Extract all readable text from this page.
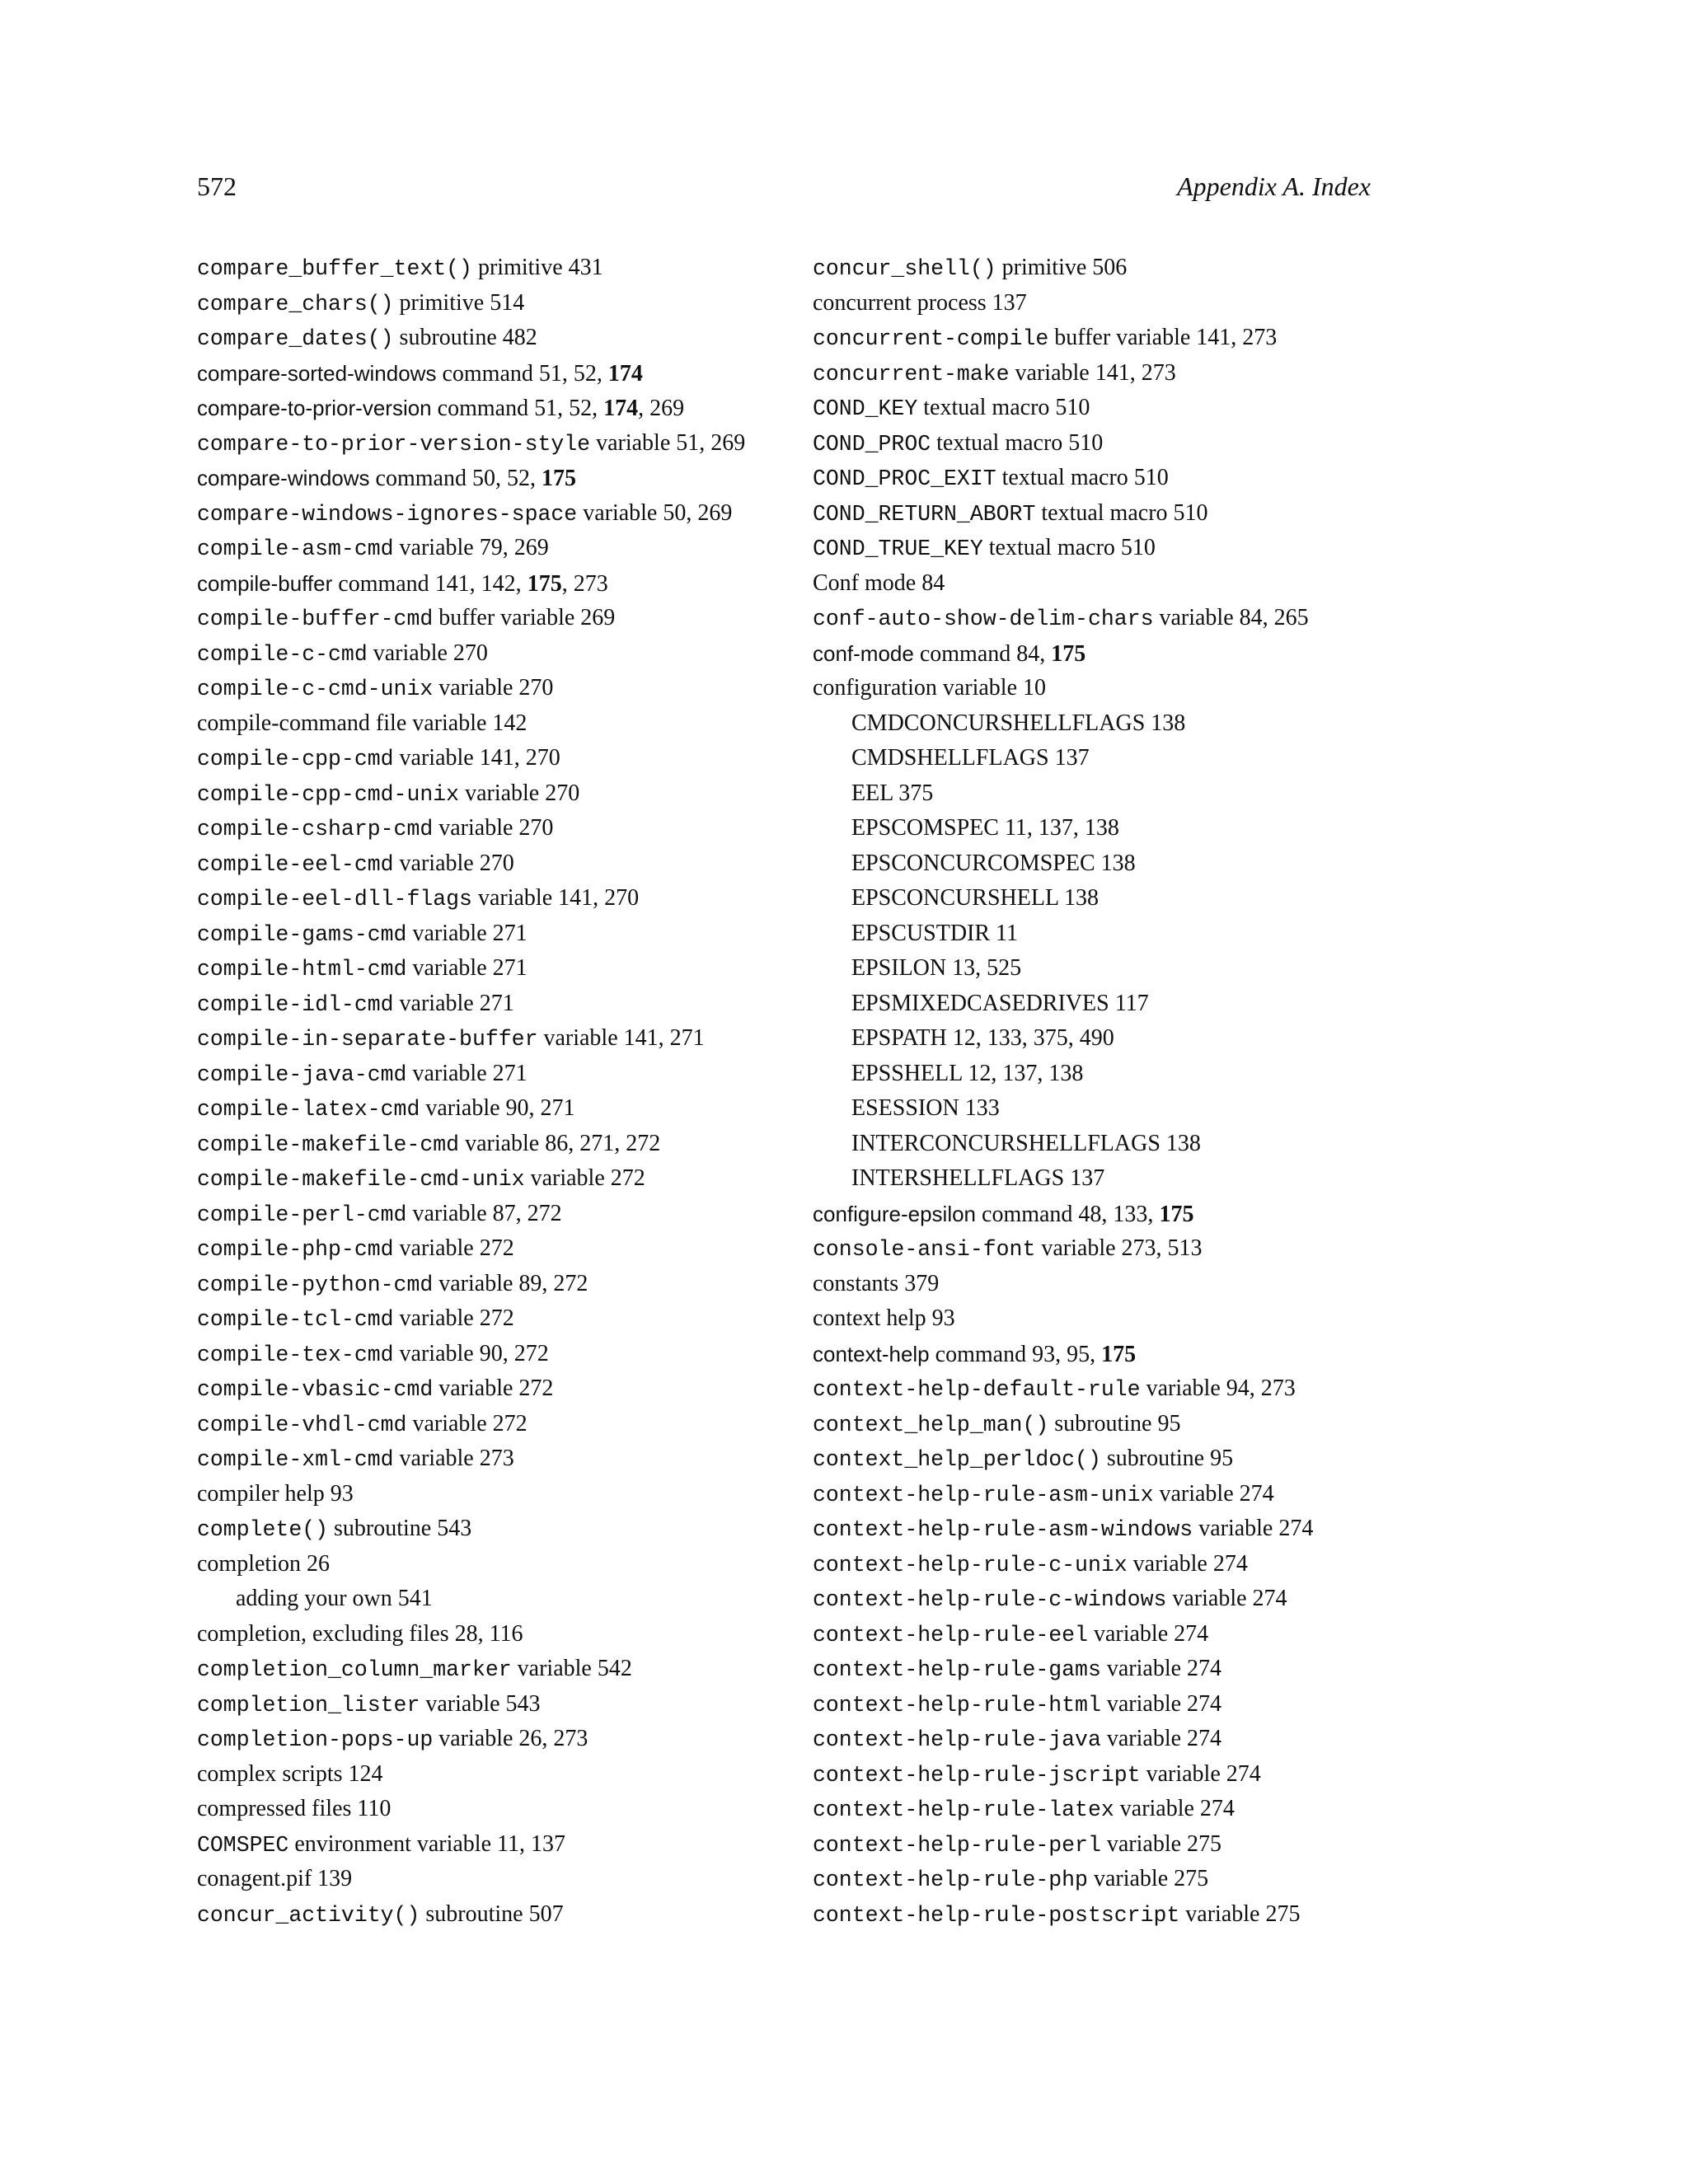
572	Appendix A. Index
compare_buffer_text() primitive 431
compare_chars() primitive 514
compare_dates() subroutine 482
compare-sorted-windows command 51, 52, 174
compare-to-prior-version command 51, 52, 174, 269
compare-to-prior-version-style variable 51, 269
compare-windows command 50, 52, 175
compare-windows-ignores-space variable 50, 269
compile-asm-cmd variable 79, 269
compile-buffer command 141, 142, 175, 273
compile-buffer-cmd buffer variable 269
compile-c-cmd variable 270
compile-c-cmd-unix variable 270
compile-command file variable 142
compile-cpp-cmd variable 141, 270
compile-cpp-cmd-unix variable 270
compile-csharp-cmd variable 270
compile-eel-cmd variable 270
compile-eel-dll-flags variable 141, 270
compile-gams-cmd variable 271
compile-html-cmd variable 271
compile-idl-cmd variable 271
compile-in-separate-buffer variable 141, 271
compile-java-cmd variable 271
compile-latex-cmd variable 90, 271
compile-makefile-cmd variable 86, 271, 272
compile-makefile-cmd-unix variable 272
compile-perl-cmd variable 87, 272
compile-php-cmd variable 272
compile-python-cmd variable 89, 272
compile-tcl-cmd variable 272
compile-tex-cmd variable 90, 272
compile-vbasic-cmd variable 272
compile-vhdl-cmd variable 272
compile-xml-cmd variable 273
compiler help 93
complete() subroutine 543
completion 26
adding your own 541
completion, excluding files 28, 116
completion_column_marker variable 542
completion_lister variable 543
completion-pops-up variable 26, 273
complex scripts 124
compressed files 110
COMSPEC environment variable 11, 137
conagent.pif 139
concur_activity() subroutine 507
concur_shell() primitive 506
concurrent process 137
concurrent-compile buffer variable 141, 273
concurrent-make variable 141, 273
COND_KEY textual macro 510
COND_PROC textual macro 510
COND_PROC_EXIT textual macro 510
COND_RETURN_ABORT textual macro 510
COND_TRUE_KEY textual macro 510
Conf mode 84
conf-auto-show-delim-chars variable 84, 265
conf-mode command 84, 175
configuration variable 10
CMDCONCURSHELLFLAGS 138
CMDSHELLFLAGS 137
EEL 375
EPSCOMSPEC 11, 137, 138
EPSCONCURCOMSPEC 138
EPSCONCURSHELL 138
EPSCUSTDIR 11
EPSILON 13, 525
EPSMIXEDCASEDRIVES 117
EPSPATH 12, 133, 375, 490
EPSSHELL 12, 137, 138
ESESSION 133
INTERCONCURSHELLFLAGS 138
INTERSHELLFLAGS 137
configure-epsilon command 48, 133, 175
console-ansi-font variable 273, 513
constants 379
context help 93
context-help command 93, 95, 175
context-help-default-rule variable 94, 273
context_help_man() subroutine 95
context_help_perldoc() subroutine 95
context-help-rule-asm-unix variable 274
context-help-rule-asm-windows variable 274
context-help-rule-c-unix variable 274
context-help-rule-c-windows variable 274
context-help-rule-eel variable 274
context-help-rule-gams variable 274
context-help-rule-html variable 274
context-help-rule-java variable 274
context-help-rule-jscript variable 274
context-help-rule-latex variable 274
context-help-rule-perl variable 275
context-help-rule-php variable 275
context-help-rule-postscript variable 275
